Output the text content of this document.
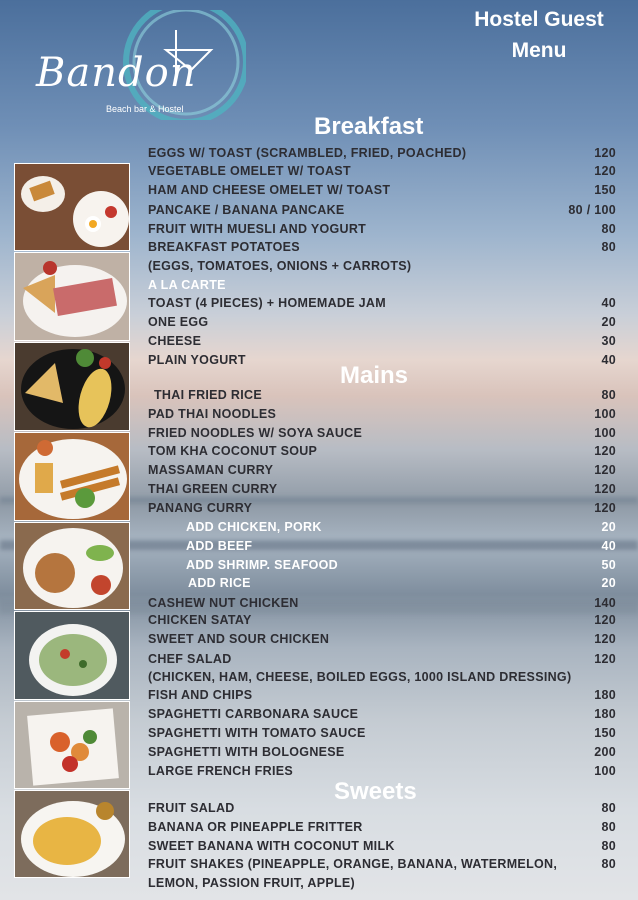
Bandon
Beach bar & Hostel
Hostel Guest
Menu
Breakfast
Mains
Sweets
EGGS W/ TOAST (SCRAMBLED, FRIED, POACHED)	120
VEGETABLE OMELET W/ TOAST	120
HAM AND CHEESE OMELET W/ TOAST	150
PANCAKE / BANANA PANCAKE	80 / 100
FRUIT WITH MUESLI AND YOGURT	80
BREAKFAST POTATOES	80
(EGGS, TOMATOES, ONIONS + CARROTS)
A LA CARTE
TOAST (4 PIECES) + HOMEMADE JAM	40
ONE EGG	20
CHEESE	30
PLAIN YOGURT	40
THAI FRIED RICE	80
PAD THAI NOODLES	100
FRIED NOODLES W/ SOYA SAUCE	100
TOM KHA COCONUT SOUP	120
MASSAMAN CURRY	120
THAI GREEN CURRY	120
PANANG CURRY	120
ADD CHICKEN, PORK	20
ADD BEEF	40
ADD SHRIMP. SEAFOOD	50
ADD RICE	20
CASHEW NUT CHICKEN	140
CHICKEN SATAY	120
SWEET AND SOUR CHICKEN	120
CHEF SALAD	120
(CHICKEN, HAM, CHEESE, BOILED EGGS, 1000 ISLAND DRESSING)
FISH AND CHIPS	180
SPAGHETTI CARBONARA SAUCE	180
SPAGHETTI WITH TOMATO SAUCE	150
SPAGHETTI WITH BOLOGNESE	200
LARGE FRENCH FRIES	100
FRUIT SALAD	80
BANANA OR PINEAPPLE FRITTER	80
SWEET BANANA WITH COCONUT MILK	80
FRUIT SHAKES (PINEAPPLE, ORANGE, BANANA, WATERMELON,	80
LEMON, PASSION FRUIT, APPLE)
